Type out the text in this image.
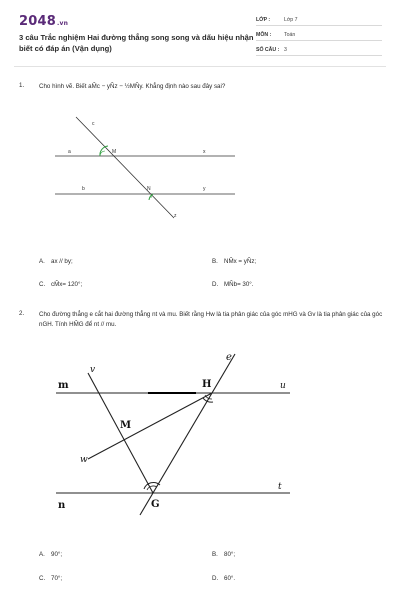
2048.vn
3 câu Trắc nghiệm Hai đường thẳng song song và dấu hiệu nhận biết có đáp án (Vận dụng)
LỚP :	Lớp 7
MÔN : Toán
SỐ CÂU : 3
1. Cho hình vẽ. Biết aM̂c − yN̂z − ½MN̂y. Khẳng định nào sau đây sai?
c
M
a	x
b	N	y
z
A. ax // by;	B. NM̂x = yN̂z;
C. cM̂x= 120°;	D. MN̂b= 30°.
2. Cho đường thẳng e cắt hai đường thẳng nt và mu. Biết rằng Hw là tia phân giác của góc mHG và Gv là tia phân giác của góc nGH. Tính HM̂G để nt // mu.
e
v
m	H	u
M
w
t
n	G
A. 90°;	B. 80°;
C. 70°;	D. 60°.
